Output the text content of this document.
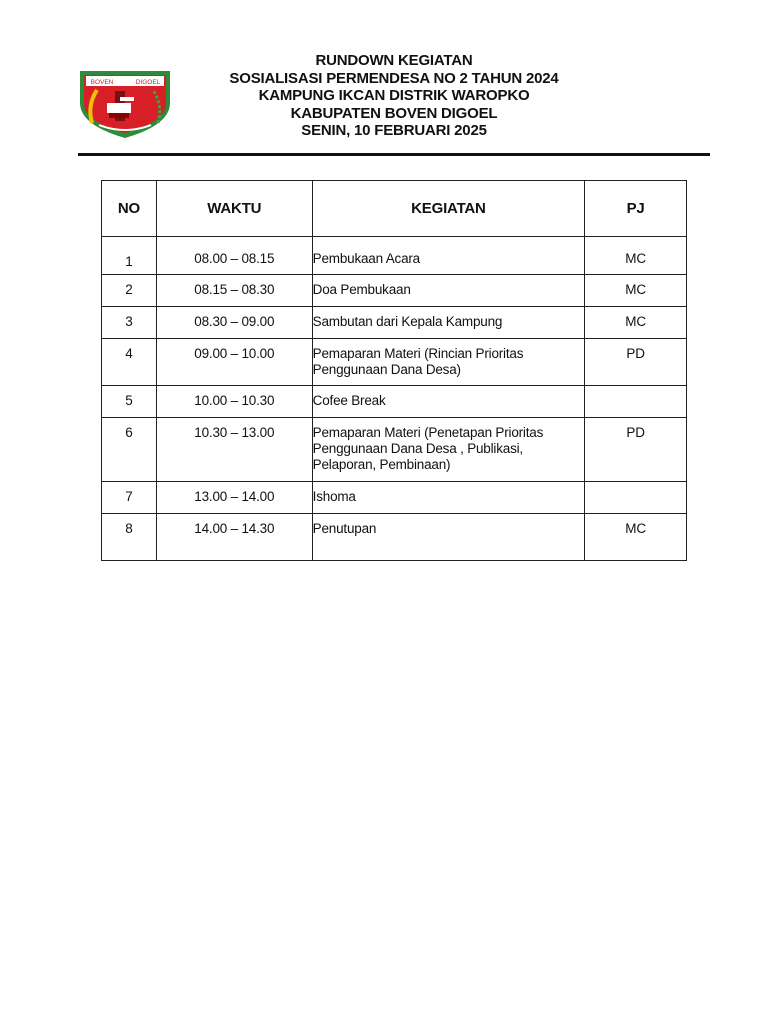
BOVEN	DIGOEL
RUNDOWN KEGIATAN
SOSIALISASI PERMENDESA NO 2 TAHUN 2024
KAMPUNG IKCAN DISTRIK WAROPKO
KABUPATEN BOVEN DIGOEL
SENIN, 10 FEBRUARI 2025
NO	WAKTU	KEGIATAN	PJ
1	08.00 – 08.15	Pembukaan Acara	MC
2	08.15 – 08.30	Doa Pembukaan	MC
3	08.30 – 09.00	Sambutan dari Kepala Kampung	MC
4	09.00 – 10.00	Pemaparan Materi (Rincian Prioritas
Penggunaan Dana Desa)	PD
5	10.00 – 10.30	Cofee Break	

6	10.30 – 13.00	Pemaparan Materi (Penetapan Prioritas
Penggunaan Dana Desa , Publikasi,
Pelaporan, Pembinaan)	PD
7	13.00 – 14.00	Ishoma	

8	14.00 – 14.30	Penutupan	MC
